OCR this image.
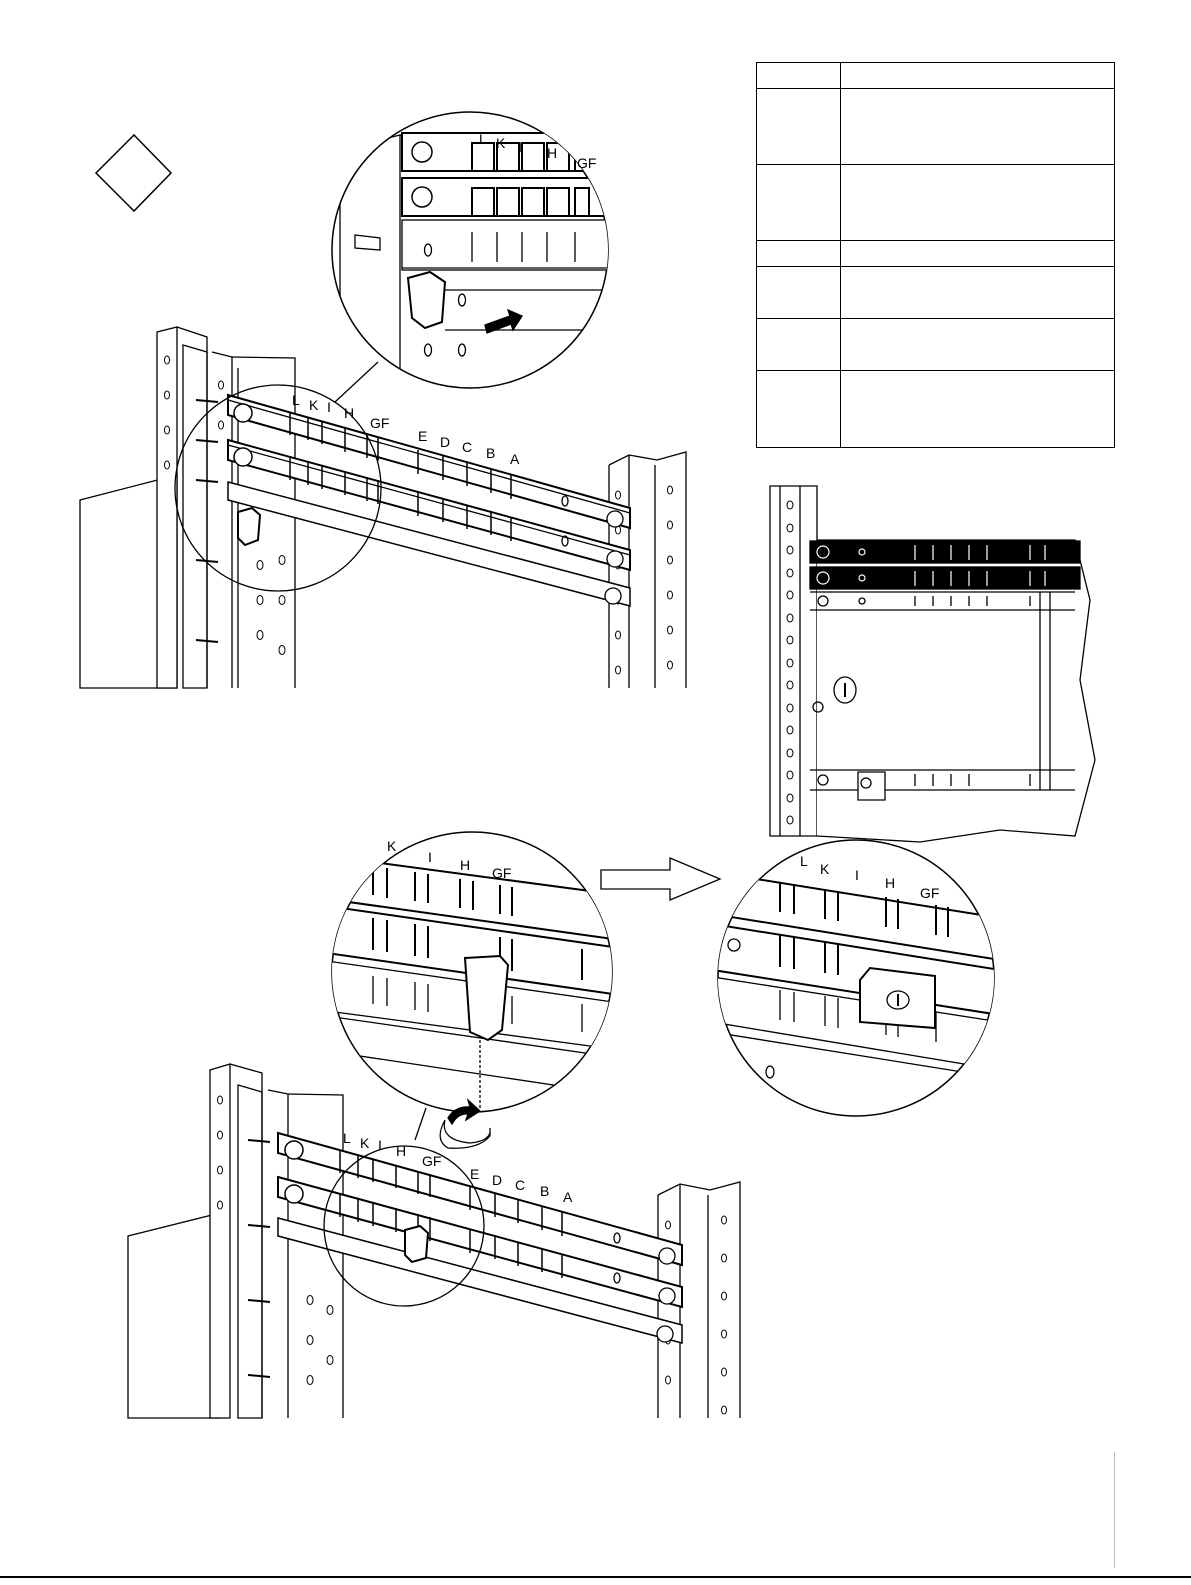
L K I H
GF
E D C B A
L K I H
GF
K
I H GF
L K I H
GF
L K I H
GF
E D C B A
